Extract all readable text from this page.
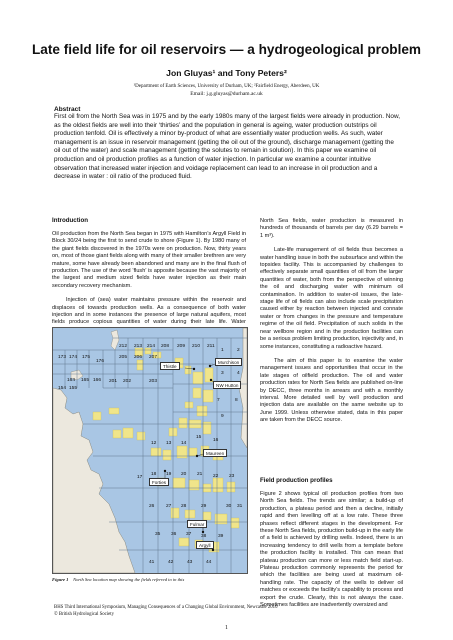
Late field life for oil reservoirs — a hydrogeological problem
Jon Gluyas¹ and Tony Peters²
¹Department of Earth Sciences, University of Durham, UK; ²Fairfield Energy, Aberdeen, UK
Email: j.g.gluyas@durham.ac.uk
Abstract
First oil from the North Sea was in 1975 and by the early 1980s many of the largest fields were already in production. Now, as the oldest fields are well into their ‘thirties’ and the population in general is ageing, water production outstrips oil production tenfold. Oil is effectively a minor by-product of what are essentially water production wells. As such, water management is an issue in reservoir management (getting the oil out of the ground), discharge management (getting the oil out of the water) and scale management (getting the solutes to remain in solution). In this paper we examine oil production and oil production profiles as a function of water injection. In particular we examine a counter intuitive observation that increased water injection and voidage replacement can lead to an increase in oil production and a decrease in water : oil ratio of the produced fluid.
Introduction

Oil production from the North Sea began in 1975 with Hamilton’s Argyll Field in Block 30/24 being the first to send crude to shore (Figure 1). By 1980 many of the giant fields discovered in the 1970s were on production. Now, thirty years on, most of those giant fields along with many of their smaller brethren are very mature, some have already been abandoned and many are in the final flush of production. The use of the word ‘flush’ is apposite because the vast majority of the largest and medium sized fields have water injection as their main secondary recovery mechanism.

Injection of (sea) water maintains pressure within the reservoir and displaces oil towards production wells. As a consequence of both water injection and in some instances the presence of large natural aquifers, most fields produce copious quantities of water during their late life. Water

212 213 214 208 209 210 211
1	2
173 174 175
176
205 206 207
3	4
154 155
164 165 166 201 202	203
7	8
9
12 13 14
15
16
18 19 20 21 22 23
17
26 27 28	29	30 31
35 36 37 38 39
41	42	43	44
Thistle
Murchison
NW Hutton
Maureen
Forties
Fulmar
Argyll
Figure 1 North Sea location map showing the fields referred to in this

North Sea fields, water production is measured in hundreds of thousands of barrels per day (6.29 barrels = 1 m³).

Late-life management of oil fields thus becomes a water handling issue in both the subsurface and within the topsides facility. This is accompanied by challenges to effectively separate small quantities of oil from the larger quantities of water, both from the perspective of winning the oil and discharging water with minimum oil contamination. In addition to water-oil issues, the late-stage life of oil fields can also include scale precipitation caused either by reaction between injected and connate water or from changes in the pressure and temperature regime of the oil field. Precipitation of such solids in the near wellbore region and in the production facilities can be a serious problem limiting production, injectivity and, in some instances, constituting a radioactive hazard.

The aim of this paper is to examine the water management issues and opportunities that occur in the late stages of oilfield production. The oil and water production rates for North Sea fields are published on-line by DECC, three months in arrears and with a monthly interval. More detailed well by well production and injection data are available on the same website up to June 1999. Unless otherwise stated, data in this paper are taken from the DECC source.

Field production profiles

Figure 2 shows typical oil production profiles from two North Sea fields. The trends are similar; a build-up of production, a plateau period and then a decline, initially rapid and then levelling off at a low rate. These three phases reflect different stages in the development. For these North Sea fields, production build-up in the early life of a field is achieved by drilling wells. Indeed, there is an increasing tendency to drill wells from a template before the production facility is installed. This can mean that plateau production can more or less match field start-up. Plateau production commonly represents the period for which the facilities are being used at maximum oil-handling rate. The capacity of the wells to deliver oil matches or exceeds the facility’s capability to process and export the crude. Clearly, this is not always the case. Sometimes facilities are inadvertently oversized and

BHS Third International Symposium, Managing Consequences of a Changing Global Environment, Newcastle 2010
© British Hydrological Society
1
